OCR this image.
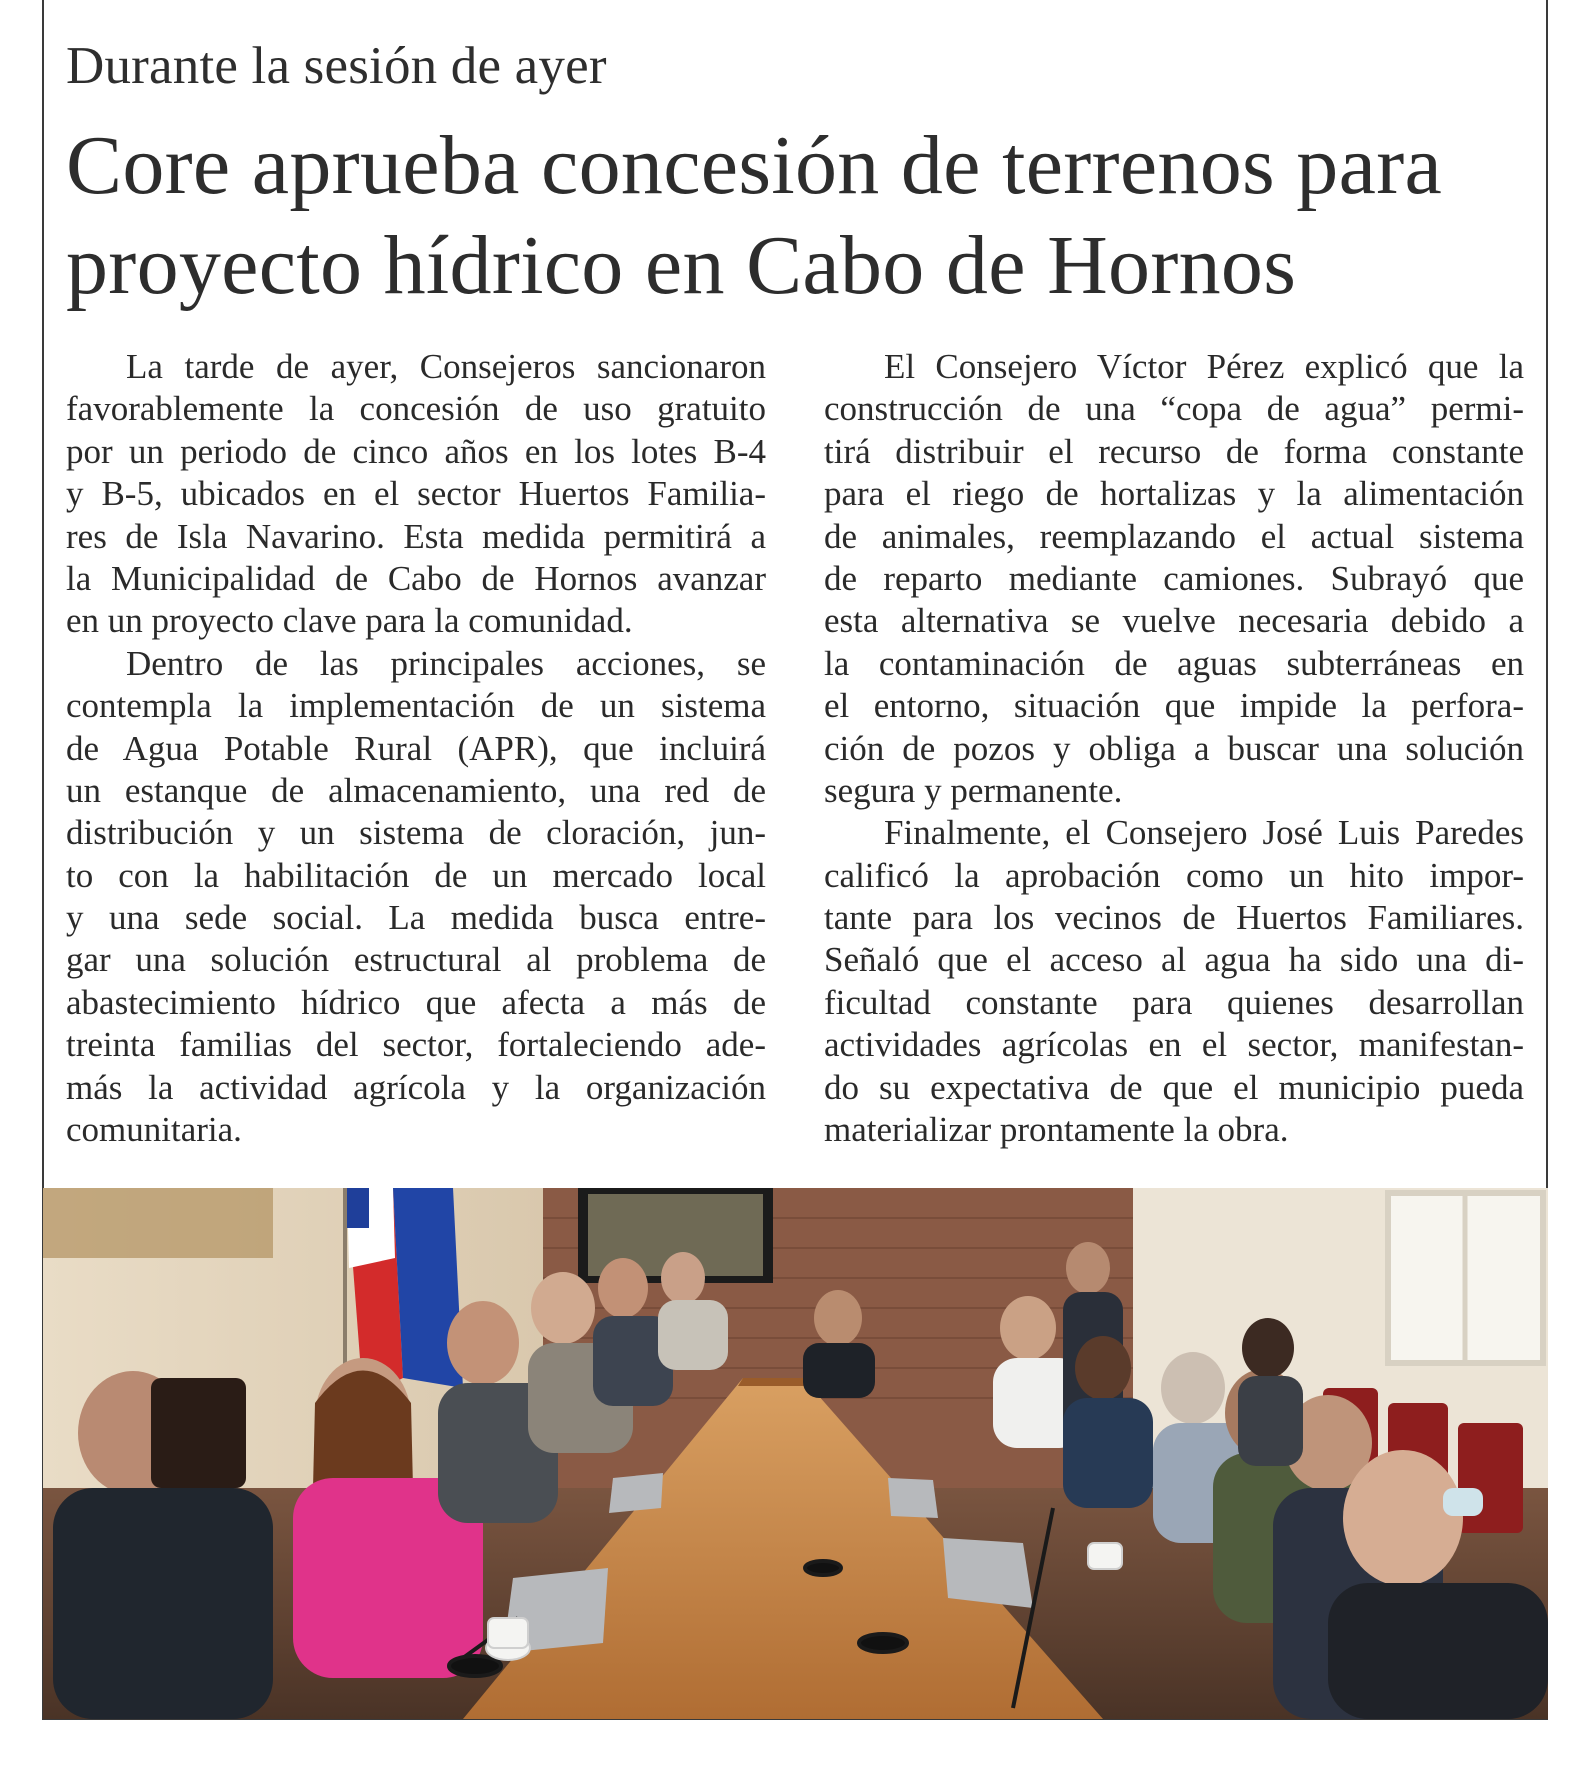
Durante la sesión de ayer
Core aprueba concesión de terrenos para
proyecto hídrico en Cabo de Hornos
La tarde de ayer, Consejeros sancionaron
favorablemente la concesión de uso gratuito
por un periodo de cinco años en los lotes B-4
y B-5, ubicados en el sector Huertos Familia-
res de Isla Navarino. Esta medida permitirá a
la Municipalidad de Cabo de Hornos avanzar
en un proyecto clave para la comunidad.
Dentro de las principales acciones, se
contempla la implementación de un sistema
de Agua Potable Rural (APR), que incluirá
un estanque de almacenamiento, una red de
distribución y un sistema de cloración, jun-
to con la habilitación de un mercado local
y una sede social. La medida busca entre-
gar una solución estructural al problema de
abastecimiento hídrico que afecta a más de
treinta familias del sector, fortaleciendo ade-
más la actividad agrícola y la organización
comunitaria.
El Consejero Víctor Pérez explicó que la
construcción de una “copa de agua” permi-
tirá distribuir el recurso de forma constante
para el riego de hortalizas y la alimentación
de animales, reemplazando el actual sistema
de reparto mediante camiones. Subrayó que
esta alternativa se vuelve necesaria debido a
la contaminación de aguas subterráneas en
el entorno, situación que impide la perfora-
ción de pozos y obliga a buscar una solución
segura y permanente.
Finalmente, el Consejero José Luis Paredes
calificó la aprobación como un hito impor-
tante para los vecinos de Huertos Familiares.
Señaló que el acceso al agua ha sido una di-
ficultad constante para quienes desarrollan
actividades agrícolas en el sector, manifestan-
do su expectativa de que el municipio pueda
materializar prontamente la obra.
